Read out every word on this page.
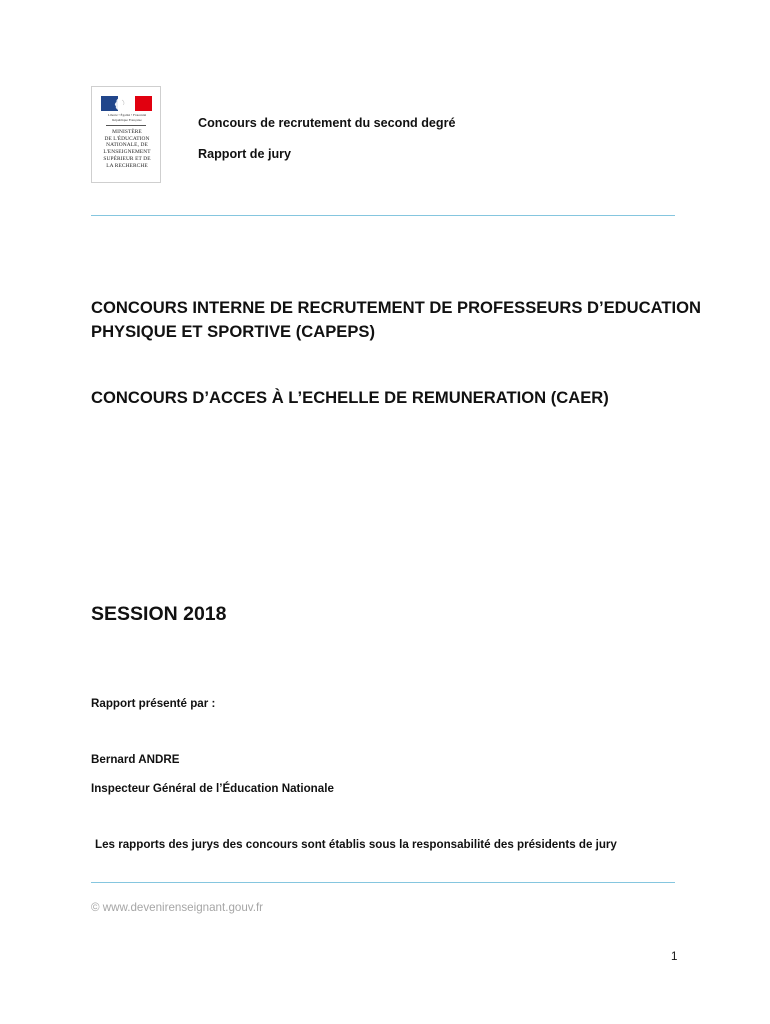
Liberté • Égalité • Fraternité
République Française
MINISTÈRE
DE L'ÉDUCATION
NATIONALE, DE
L'ENSEIGNEMENT
SUPÉRIEUR ET DE
LA RECHERCHE
Concours de recrutement du second degré
Rapport de jury
CONCOURS INTERNE DE RECRUTEMENT DE PROFESSEURS D’EDUCATION PHYSIQUE ET SPORTIVE (CAPEPS)
CONCOURS D’ACCES À L’ECHELLE DE REMUNERATION (CAER)
SESSION 2018
Rapport présenté par :
Bernard ANDRE
Inspecteur Général de l’Éducation Nationale
Les rapports des jurys des concours sont établis sous la responsabilité des présidents de jury
© www.devenirenseignant.gouv.fr
1
